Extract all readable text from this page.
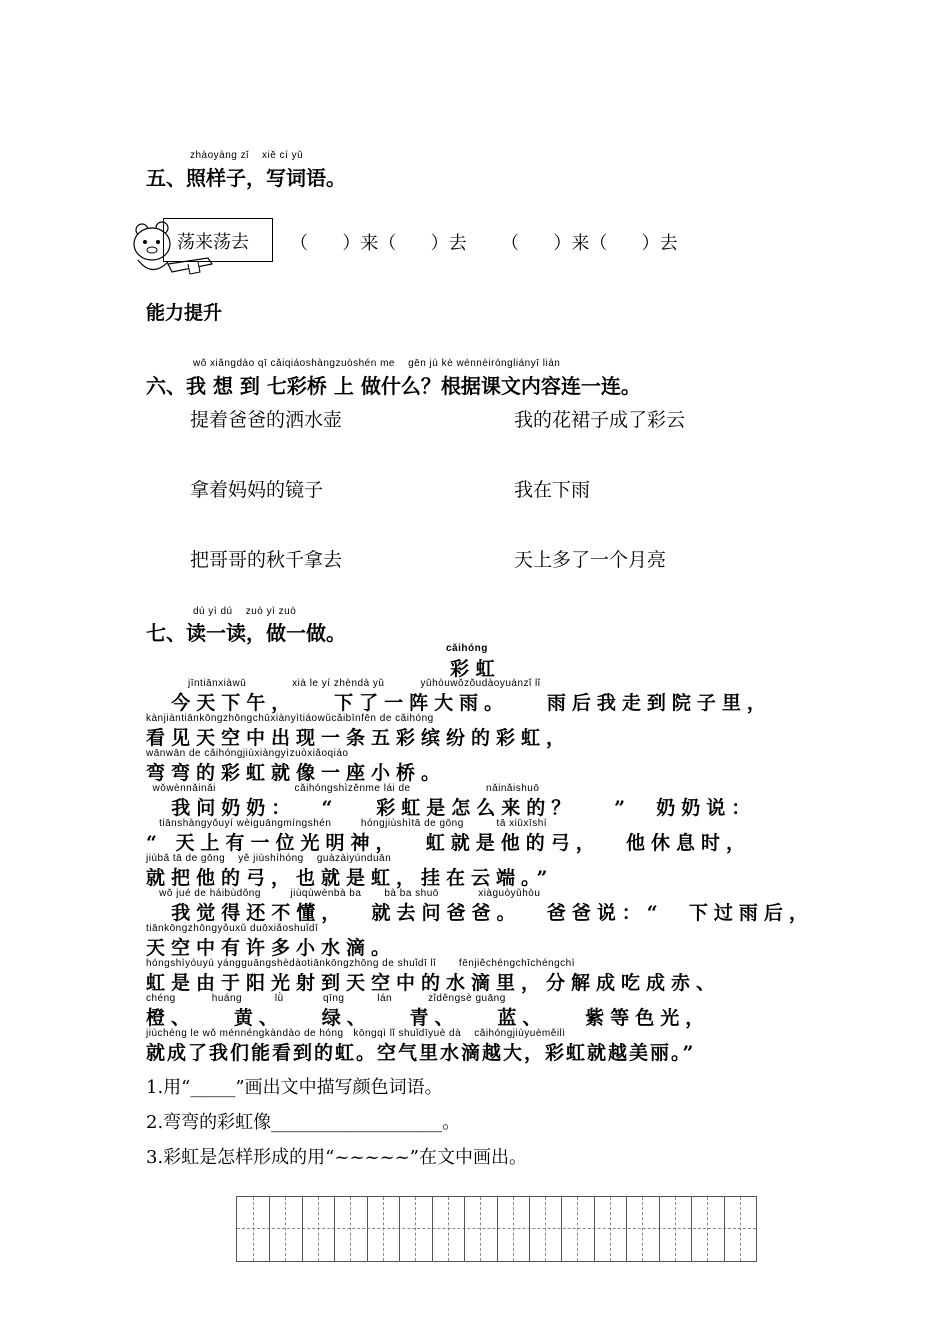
zhàoyàng zǐ    xiě cí yǔ
五、照样子，写词语。
荡来荡去 （      ）来（      ）去      （      ）来（      ）去
能力提升
wǒ xiǎngdào qī cǎiqiáoshàngzuòshén me    gēn jù kè wénnèiróngliányī lián
六、我 想 到 七彩桥 上 做什么？根据课文内容连一连。
提着爸爸的洒水壶
拿着妈妈的镜子
把哥哥的秋千拿去
我的花裙子成了彩云
我在下雨
天上多了一个月亮
dú yì dú    zuò yì zuò
七、读一读，做一做。
cǎihóng
彩 虹
jīntiānxiàwǔ              xià le yí zhèndà yǔ           yǔhòuwǒzǒudàoyuànzǐ lǐ
今天下午，   下了一阵大雨。   雨后我走到院子里，
kànjiàntiānkōngzhōngchūxiànyìtiáowǔcǎibīnfēn de cǎihóng
看见天空中出现一条五彩缤纷的彩虹，
wānwān de cǎihóngjiùxiàngyìzuòxiǎoqiáo
弯弯的彩虹就像一座小桥。
wǒwènnǎinǎi                        cǎihóngshìzěnme lái de                       nǎinǎishuō
我问奶奶：  “   彩虹是怎么来的？   ”  奶奶说：
tiānshàngyǒuyí wèiguāngmíngshén         hóngjiùshìtā de gōng          tā xiūxīshí
“ 天上有一位光明神，  虹就是他的弓，  他休息时，
jiùbǎ tā de gōng    yě jiùshìhóng    guàzàiyúnduān
就把他的弓，也就是虹，挂在云端。”
wǒ jué de háibùdǒng         jiùqùwènbà ba       bà ba shuō            xiàguòyǔhòu
我觉得还不懂，  就去问爸爸。  爸爸说：“  下过雨后，
tiānkōngzhōngyǒuxǔ duōxiǎoshuǐdī
天空中有许多小水滴。
hóngshìyóuyú yángguāngshèdàotiānkōngzhōng de shuǐdī lǐ       fēnjiěchéngchīchéngchì
虹是由于阳光射到天空中的水滴里，分解成吃成赤、
chéng           huáng          lǜ            qīng          lán           zǐděngsè guāng
橙、   黄、   绿、   青、   蓝、   紫等色光，
jiùchéng le wǒ ménnéngkàndào de hóng   kōngqì lǐ shuǐdīyuè dà    cǎihóngjiùyuèměilì
就成了我们能看到的虹。空气里水滴越大，彩虹就越美丽。”
1.用“_____”画出文中描写颜色词语。
2.弯弯的彩虹像___________________。
3.彩虹是怎样形成的用“~~~~~”在文中画出。
